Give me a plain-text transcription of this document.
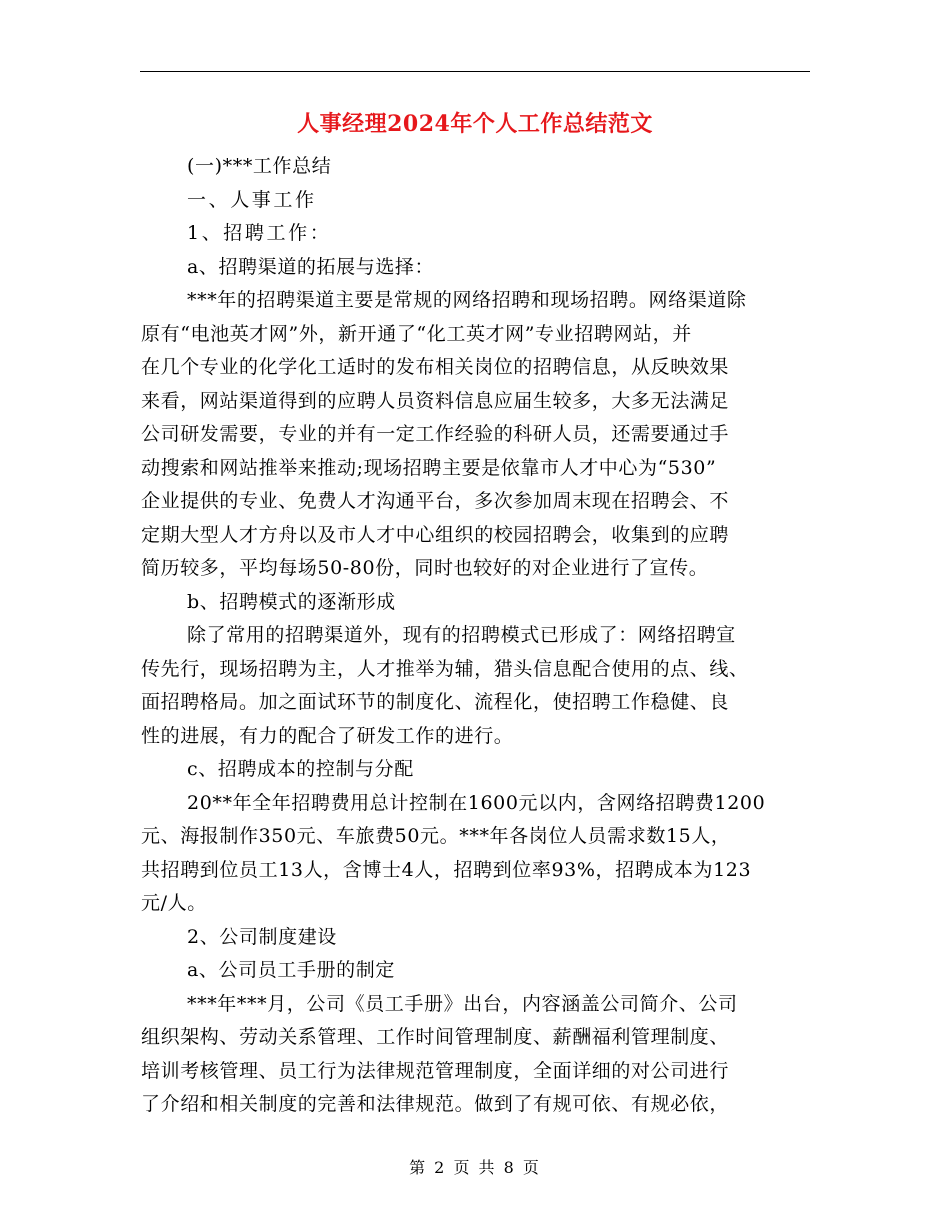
人事经理2024年个人工作总结范文
(一)***工作总结
一、人事工作
1、招聘工作：
a、招聘渠道的拓展与选择：
***年的招聘渠道主要是常规的网络招聘和现场招聘。网络渠道除
原有“电池英才网”外，新开通了“化工英才网”专业招聘网站，并
在几个专业的化学化工适时的发布相关岗位的招聘信息，从反映效果
来看，网站渠道得到的应聘人员资料信息应届生较多，大多无法满足
公司研发需要，专业的并有一定工作经验的科研人员，还需要通过手
动搜索和网站推举来推动;现场招聘主要是依靠市人才中心为“530”
企业提供的专业、免费人才沟通平台，多次参加周末现在招聘会、不
定期大型人才方舟以及市人才中心组织的校园招聘会，收集到的应聘
简历较多，平均每场50-80份，同时也较好的对企业进行了宣传。
b、招聘模式的逐渐形成
除了常用的招聘渠道外，现有的招聘模式已形成了：网络招聘宣
传先行，现场招聘为主，人才推举为辅，猎头信息配合使用的点、线、
面招聘格局。加之面试环节的制度化、流程化，使招聘工作稳健、良
性的进展，有力的配合了研发工作的进行。
c、招聘成本的控制与分配
20**年全年招聘费用总计控制在1600元以内，含网络招聘费1200
元、海报制作350元、车旅费50元。***年各岗位人员需求数15人，
共招聘到位员工13人，含博士4人，招聘到位率93%，招聘成本为123
元/人。
2、公司制度建设
a、公司员工手册的制定
***年***月，公司《员工手册》出台，内容涵盖公司简介、公司
组织架构、劳动关系管理、工作时间管理制度、薪酬福利管理制度、
培训考核管理、员工行为法律规范管理制度，全面详细的对公司进行
了介绍和相关制度的完善和法律规范。做到了有规可依、有规必依，
第 2 页 共 8 页
